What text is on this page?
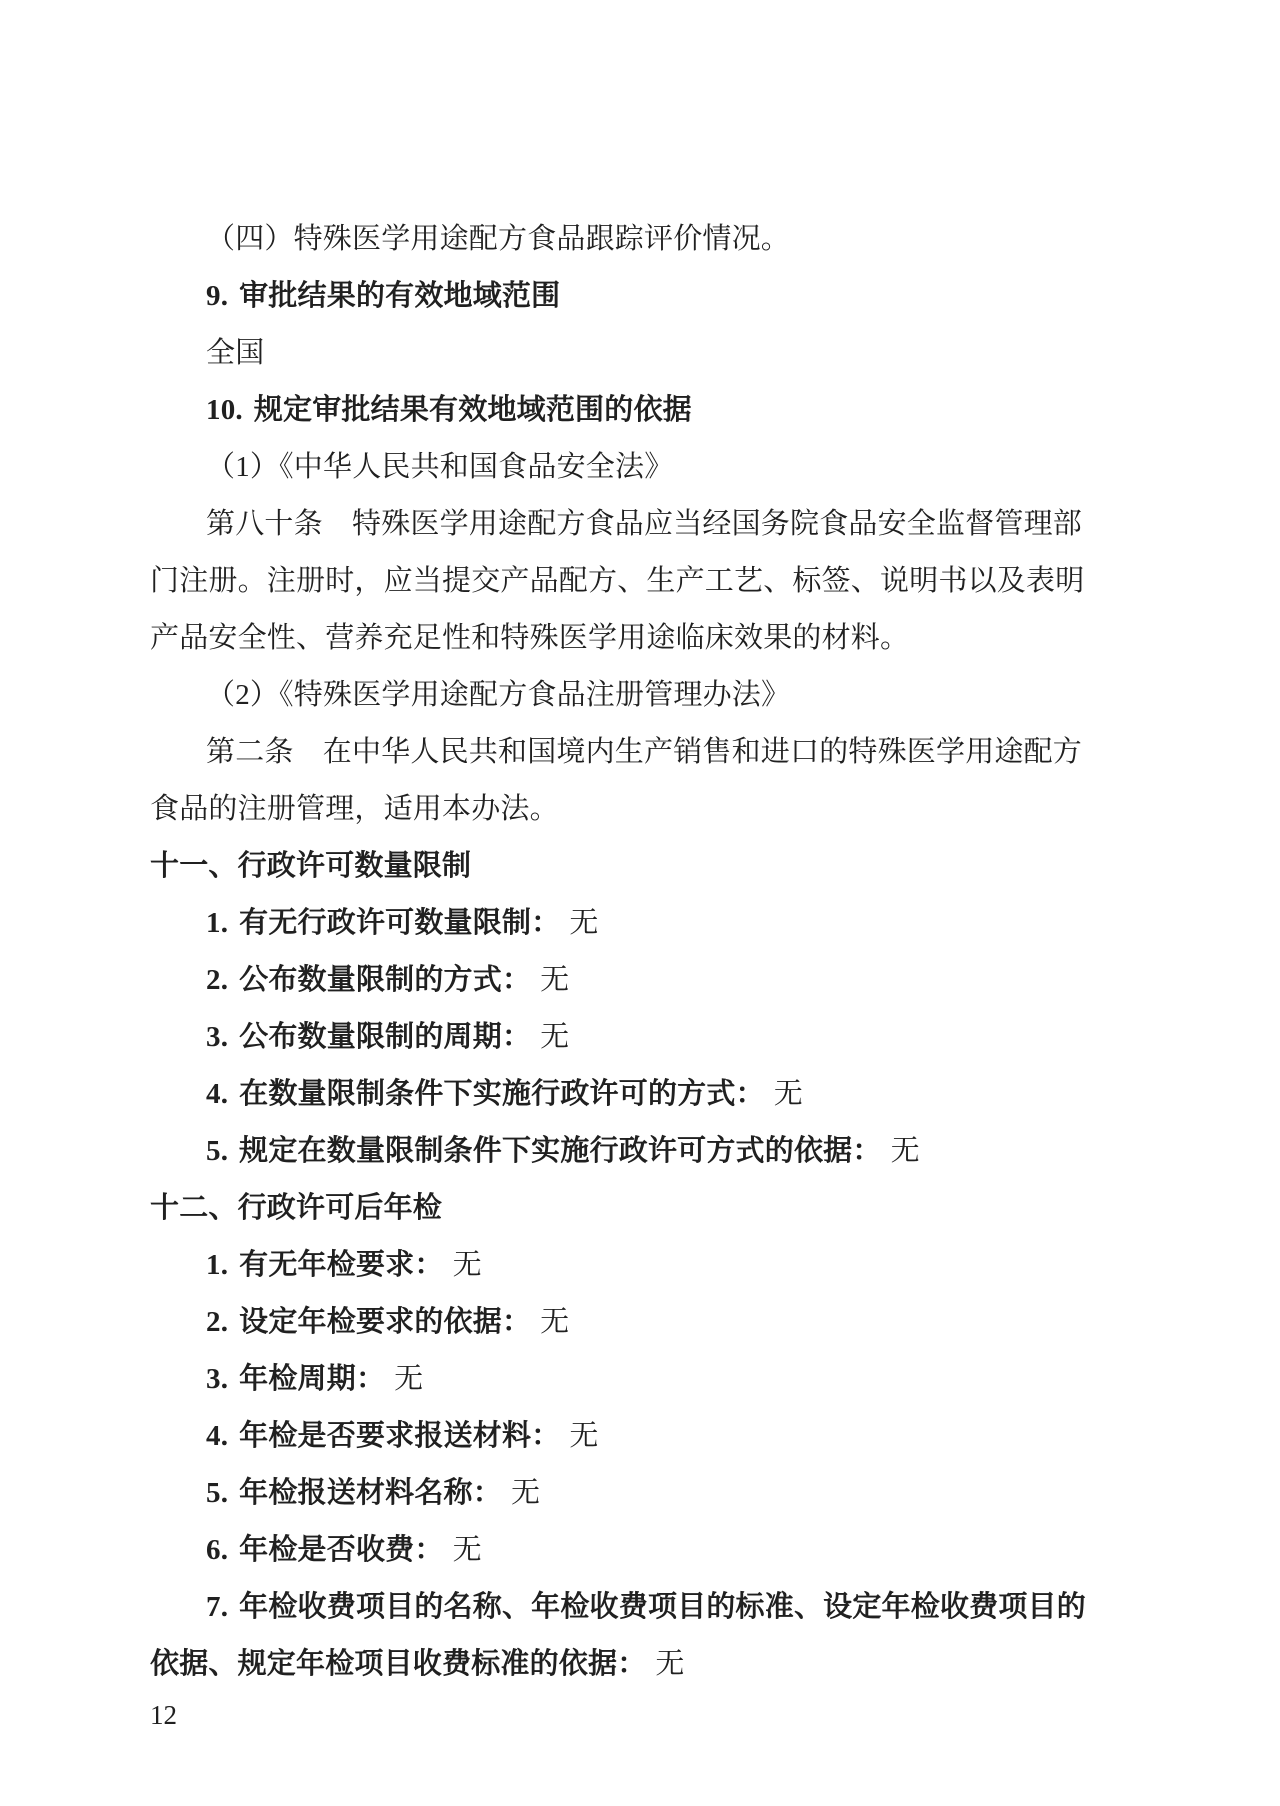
（四）特殊医学用途配方食品跟踪评价情况。
9. 审批结果的有效地域范围
全国
10. 规定审批结果有效地域范围的依据
（1）《中华人民共和国食品安全法》
第八十条　特殊医学用途配方食品应当经国务院食品安全监督管理部
门注册。注册时，应当提交产品配方、生产工艺、标签、说明书以及表明
产品安全性、营养充足性和特殊医学用途临床效果的材料。
（2）《特殊医学用途配方食品注册管理办法》
第二条　在中华人民共和国境内生产销售和进口的特殊医学用途配方
食品的注册管理，适用本办法。
十一、行政许可数量限制
1. 有无行政许可数量限制： 无
2. 公布数量限制的方式： 无
3. 公布数量限制的周期： 无
4. 在数量限制条件下实施行政许可的方式： 无
5. 规定在数量限制条件下实施行政许可方式的依据： 无
十二、行政许可后年检
1. 有无年检要求： 无
2. 设定年检要求的依据： 无
3. 年检周期： 无
4. 年检是否要求报送材料： 无
5. 年检报送材料名称： 无
6. 年检是否收费： 无
7. 年检收费项目的名称、年检收费项目的标准、设定年检收费项目的
依据、规定年检项目收费标准的依据： 无
12
